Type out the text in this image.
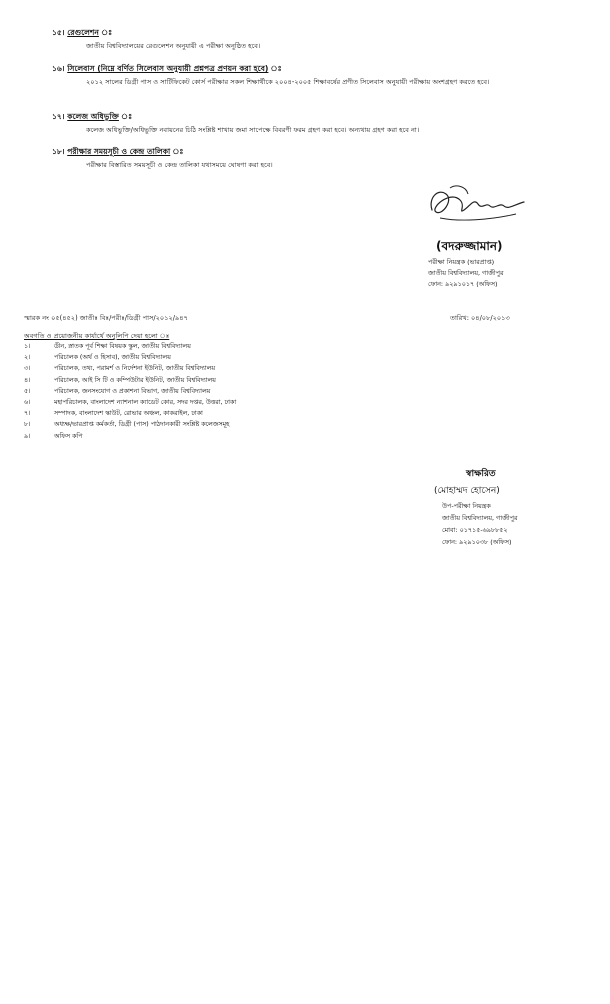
১৫। রেগুলেশন
জাতীয় বিশ্ববিদ্যালয়ের রেগুলেশন অনুযায়ী এ পরীক্ষা অনুষ্ঠিত হবে।
১৬। সিলেবাস (নিম্নে বর্ণিত সিলেবাস অনুযায়ী প্রশ্নপত্র প্রণয়ন করা হবে)
২০১২ সালের ডিগ্রী পাস ও সার্টিফিকেট কোর্স পরীক্ষার সকল শিক্ষার্থীকে ২০০৪-২০০৫ শিক্ষাবর্ষের প্রণীত সিলেবাস অনুযায়ী পরীক্ষায় অংশগ্রহণ করতে হবে।
১৭। কলেজ অধিভুক্তি
কলেজ অধিভুক্তি/অধিভুক্তি নবায়নের চিঠি সংশ্লিষ্ট শাখায় জমা সাপেক্ষে বিবরণী ফরম গ্রহণ করা হবে। অন্যথায় গ্রহণ করা হবে না।
১৮। পরীক্ষার সময়সূচী ও কেন্দ্র তালিকা
পরীক্ষার বিস্তারিত সময়সূচী ও কেন্দ্র তালিকা যথাসময়ে ঘোষণা করা হবে।
(বদরুজ্জামান)
পরীক্ষা নিয়ন্ত্রক (ভারপ্রাপ্ত)
জাতীয় বিশ্ববিদ্যালয়, গাজীপুর
ফোন: ৯২৯১০১৭ (অফিস)
স্মারক নং ০৫(৪৫২) জাতীঃ বিঃ/পরীঃ/ডিগ্রী পাস/২০১২/৯৪৭	তারিখ: ০৪/০৮/২০১৩
অবগতি ও প্রয়োজনীয় কার্যার্থে অনুলিপি দেয়া হলো ঃ
১।	ডীন, স্নাতক পূর্ব শিক্ষা বিষয়ক স্কুল, জাতীয় বিশ্ববিদ্যালয়
২।	পরিচালক (অর্থ ও হিসাব), জাতীয় বিশ্ববিদ্যালয়
৩।	পরিচালক, তথ্য, পরামর্শ ও নির্দেশনা ইউনিট, জাতীয় বিশ্ববিদ্যালয়
৪।	পরিচালক, আই সি টি ও কম্পিউটার ইউনিট, জাতীয় বিশ্ববিদ্যালয়
৫।	পরিচালক, জনসংযোগ ও প্রকাশনা বিভাগ, জাতীয় বিশ্ববিদ্যালয়
৬।	মহাপরিচালক, বাংলাদেশ ন্যাশনাল ক্যাডেট কোর, সদর দপ্তর, উত্তরা, ঢাকা
৭।	সম্পাদক, বাংলাদেশ স্কাউট, রোভার অঞ্চল, কাকরাইল, ঢাকা
৮।	অধ্যক্ষ/ভারপ্রাপ্ত কর্মকর্তা, ডিগ্রী (পাস) পাঠদানকারী সংশ্লিষ্ট কলেজসমূহ
৯।	অফিস কপি
স্বাক্ষরিত
(মোহাম্মদ হোসেন)
উপ-পরীক্ষা নিয়ন্ত্রক
জাতীয় বিশ্ববিদ্যালয়, গাজীপুর
মোবা: ০১৭১৫-৬৯৮৮৫২
ফোন: ৯২৯১০৩৮ (অফিস)
